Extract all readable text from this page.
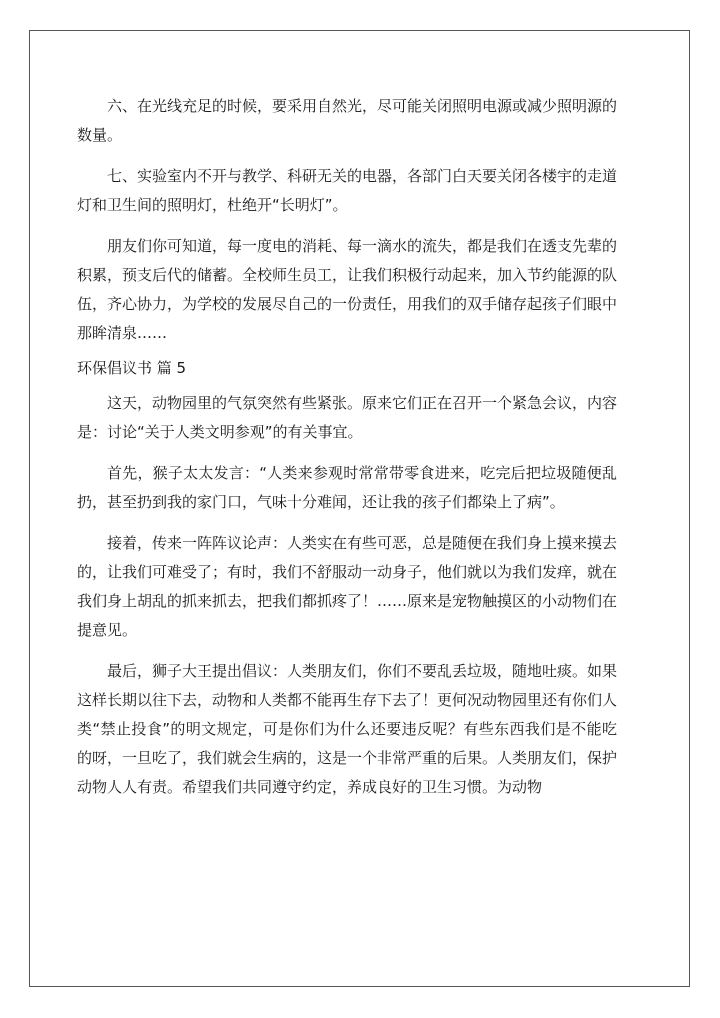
六、在光线充足的时候，要采用自然光，尽可能关闭照明电源或减少照明源的数量。

七、实验室内不开与教学、科研无关的电器，各部门白天要关闭各楼宇的走道灯和卫生间的照明灯，杜绝开“长明灯”。

朋友们你可知道，每一度电的消耗、每一滴水的流失，都是我们在透支先辈的积累，预支后代的储蓄。全校师生员工，让我们积极行动起来，加入节约能源的队伍，齐心协力，为学校的发展尽自己的一份责任，用我们的双手储存起孩子们眼中那眸清泉……

环保倡议书 篇 5

这天，动物园里的气氛突然有些紧张。原来它们正在召开一个紧急会议，内容是：讨论“关于人类文明参观”的有关事宜。

首先，猴子太太发言：“人类来参观时常常带零食进来，吃完后把垃圾随便乱扔，甚至扔到我的家门口，气味十分难闻，还让我的孩子们都染上了病”。

接着，传来一阵阵议论声：人类实在有些可恶，总是随便在我们身上摸来摸去的，让我们可难受了；有时，我们不舒服动一动身子，他们就以为我们发痒，就在我们身上胡乱的抓来抓去，把我们都抓疼了！……原来是宠物触摸区的小动物们在提意见。

最后，狮子大王提出倡议：人类朋友们，你们不要乱丢垃圾，随地吐痰。如果这样长期以往下去，动物和人类都不能再生存下去了！更何况动物园里还有你们人类“禁止投食”的明文规定，可是你们为什么还要违反呢？有些东西我们是不能吃的呀，一旦吃了，我们就会生病的，这是一个非常严重的后果。人类朋友们，保护动物人人有责。希望我们共同遵守约定，养成良好的卫生习惯。为动物
